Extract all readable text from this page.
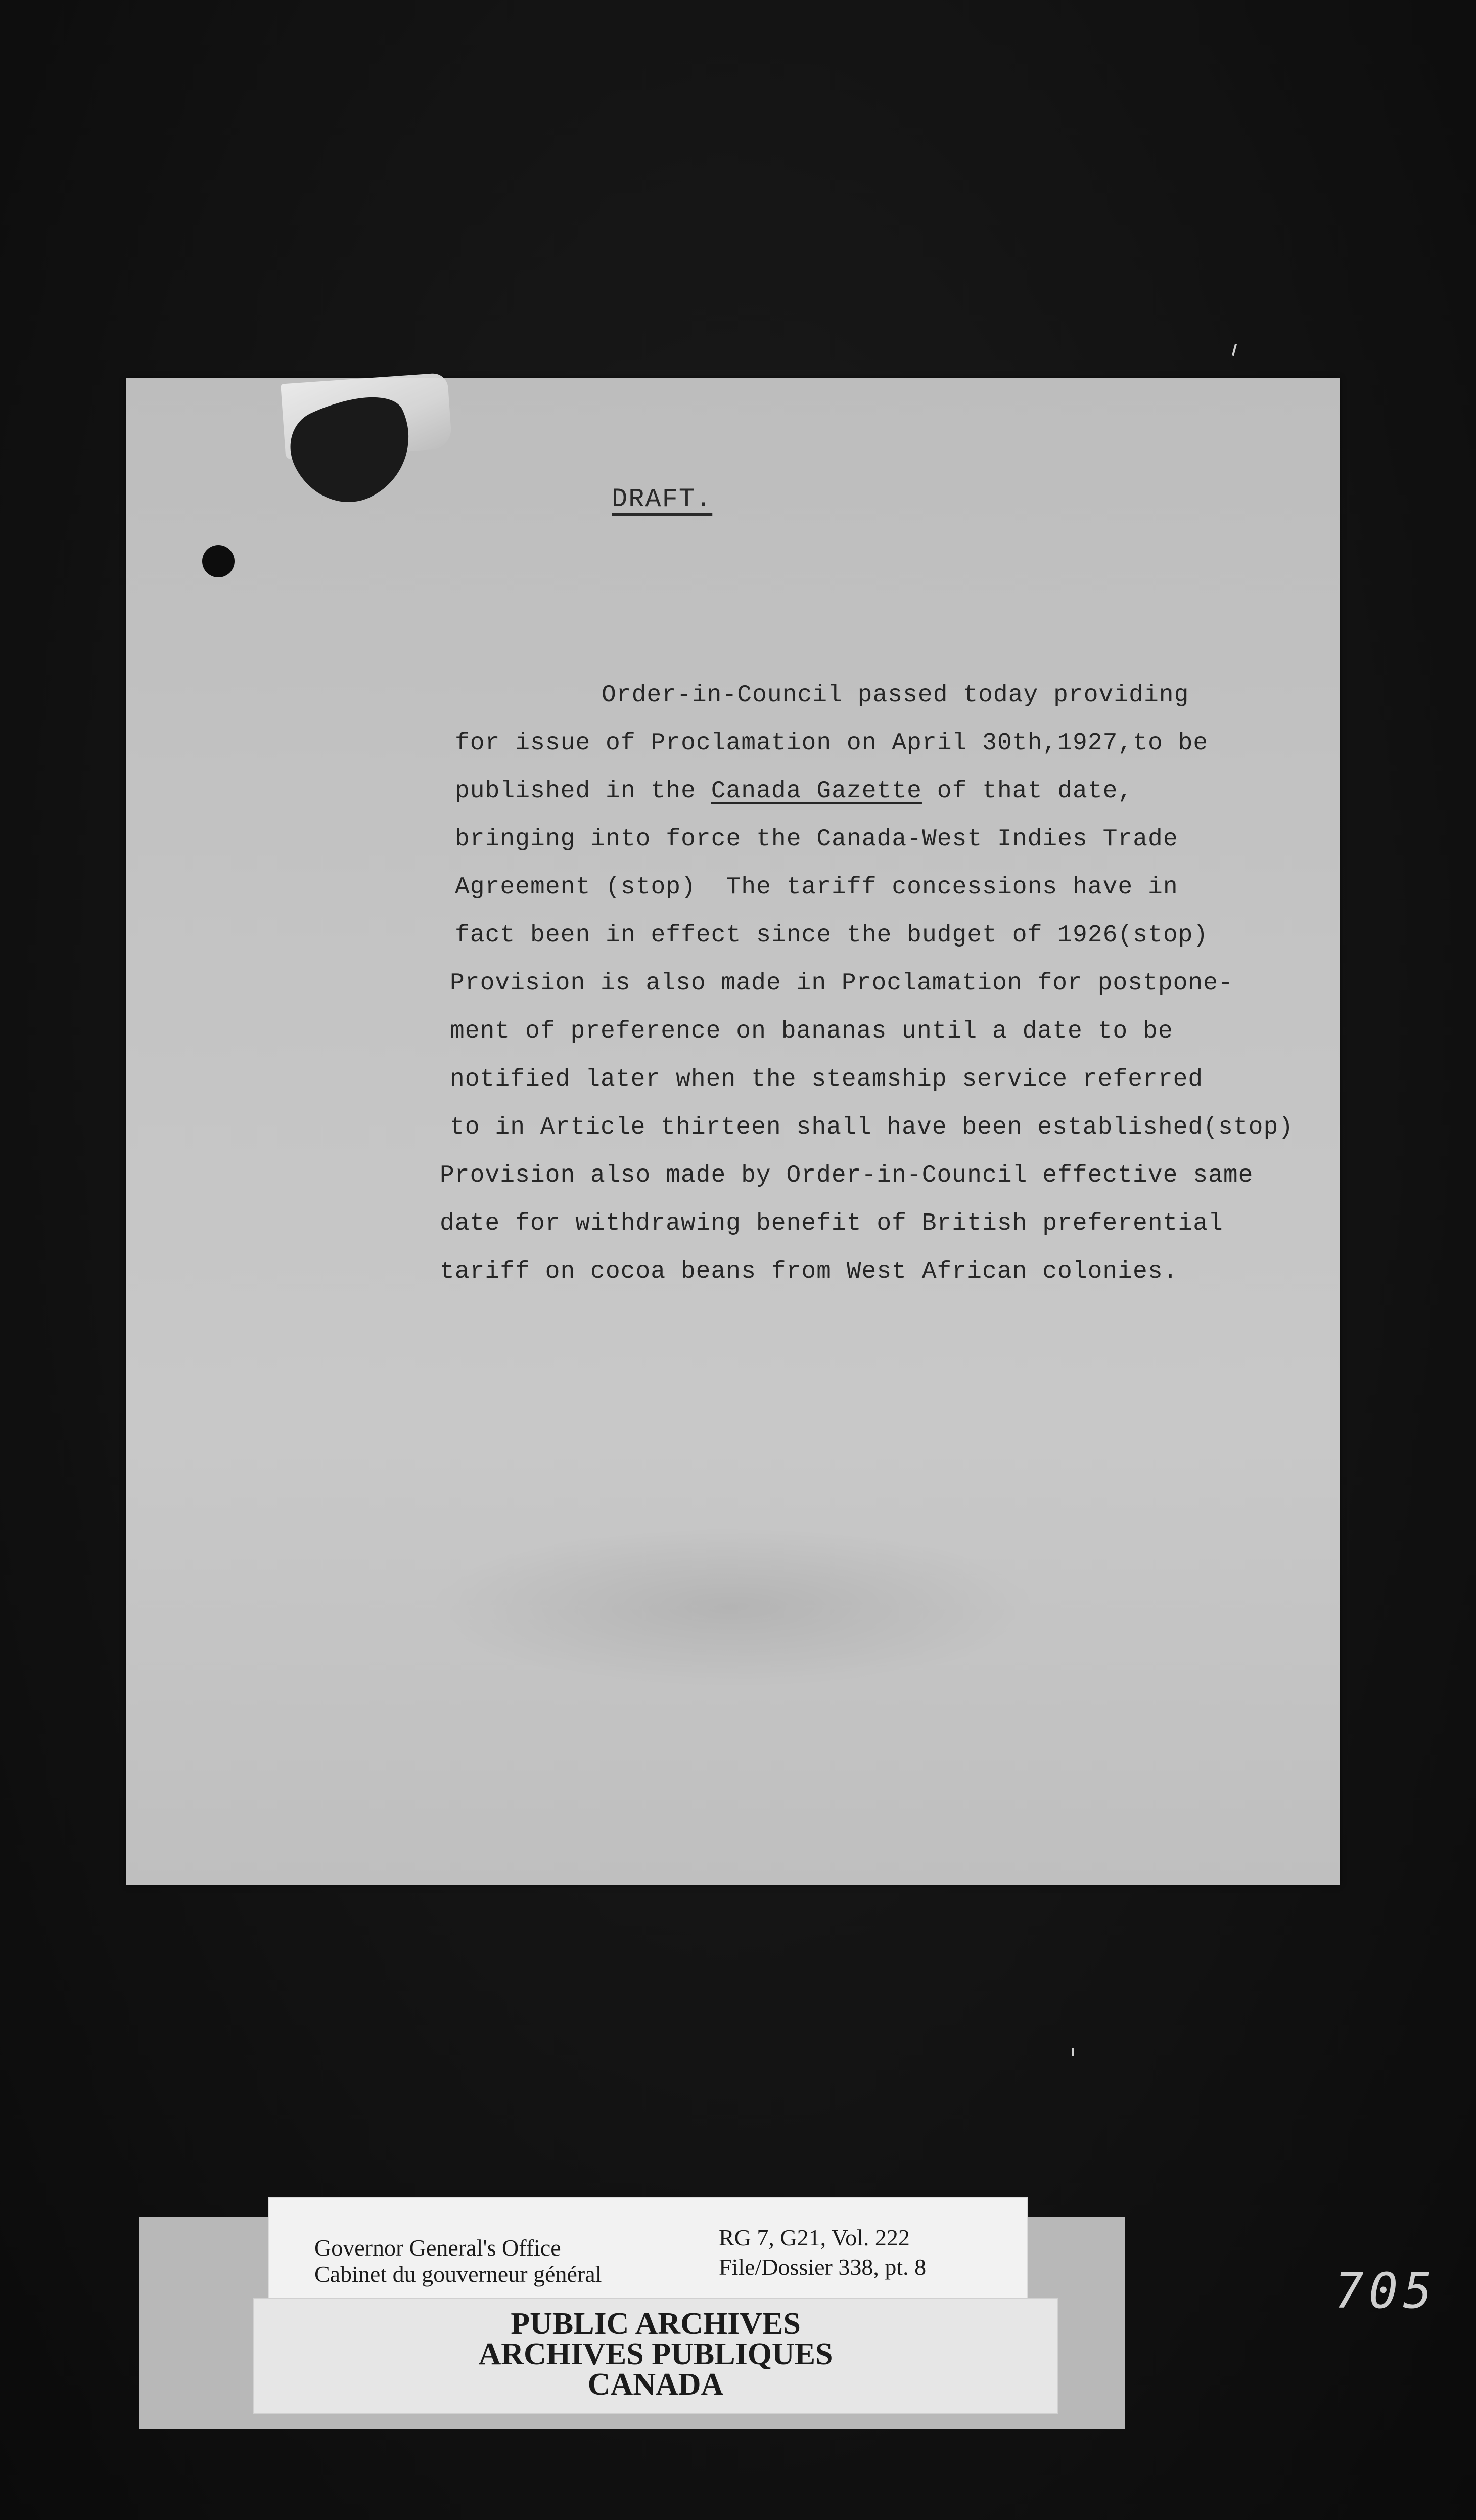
DRAFT.
Order-in-Council passed today providing
for issue of Proclamation on April 30th,1927,to be
published in the Canada Gazette of that date,
bringing into force the Canada-West Indies Trade
Agreement (stop)  The tariff concessions have in
fact been in effect since the budget of 1926(stop)
Provision is also made in Proclamation for postpone-
ment of preference on bananas until a date to be
notified later when the steamship service referred
to in Article thirteen shall have been established(stop)
Provision also made by Order-in-Council effective same
date for withdrawing benefit of British preferential
tariff on cocoa beans from West African colonies.
Governor General's Office
Cabinet du gouverneur général
RG 7, G21, Vol. 222
File/Dossier 338, pt. 8
PUBLIC ARCHIVES
ARCHIVES PUBLIQUES
CANADA
705
